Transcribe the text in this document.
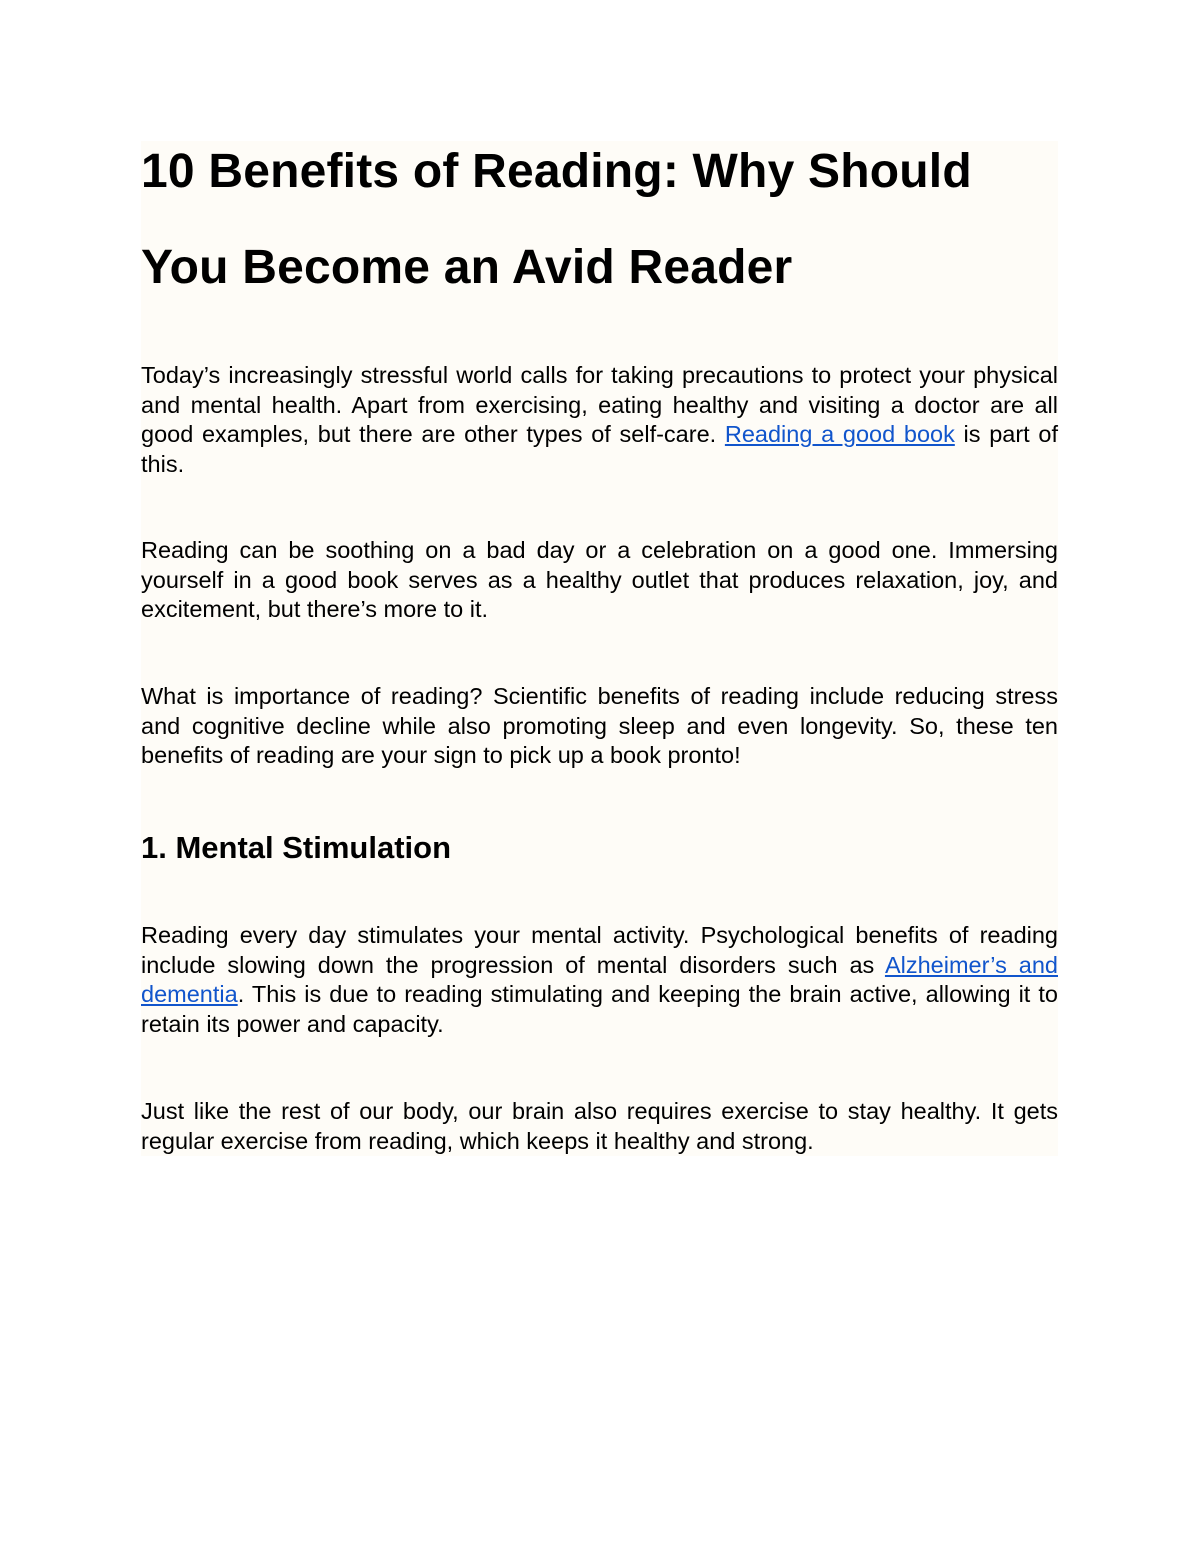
10 Benefits of Reading: Why Should You Become an Avid Reader

Today’s increasingly stressful world calls for taking precautions to protect your physical and mental health. Apart from exercising, eating healthy and visiting a doctor are all good examples, but there are other types of self-care. Reading a good book is part of this.

Reading can be soothing on a bad day or a celebration on a good one. Immersing yourself in a good book serves as a healthy outlet that produces relaxation, joy, and excitement, but there’s more to it.

What is importance of reading? Scientific benefits of reading include reducing stress and cognitive decline while also promoting sleep and even longevity. So, these ten benefits of reading are your sign to pick up a book pronto!

1. Mental Stimulation

Reading every day stimulates your mental activity. Psychological benefits of reading include slowing down the progression of mental disorders such as Alzheimer’s and dementia. This is due to reading stimulating and keeping the brain active, allowing it to retain its power and capacity.

Just like the rest of our body, our brain also requires exercise to stay healthy. It gets regular exercise from reading, which keeps it healthy and strong.
